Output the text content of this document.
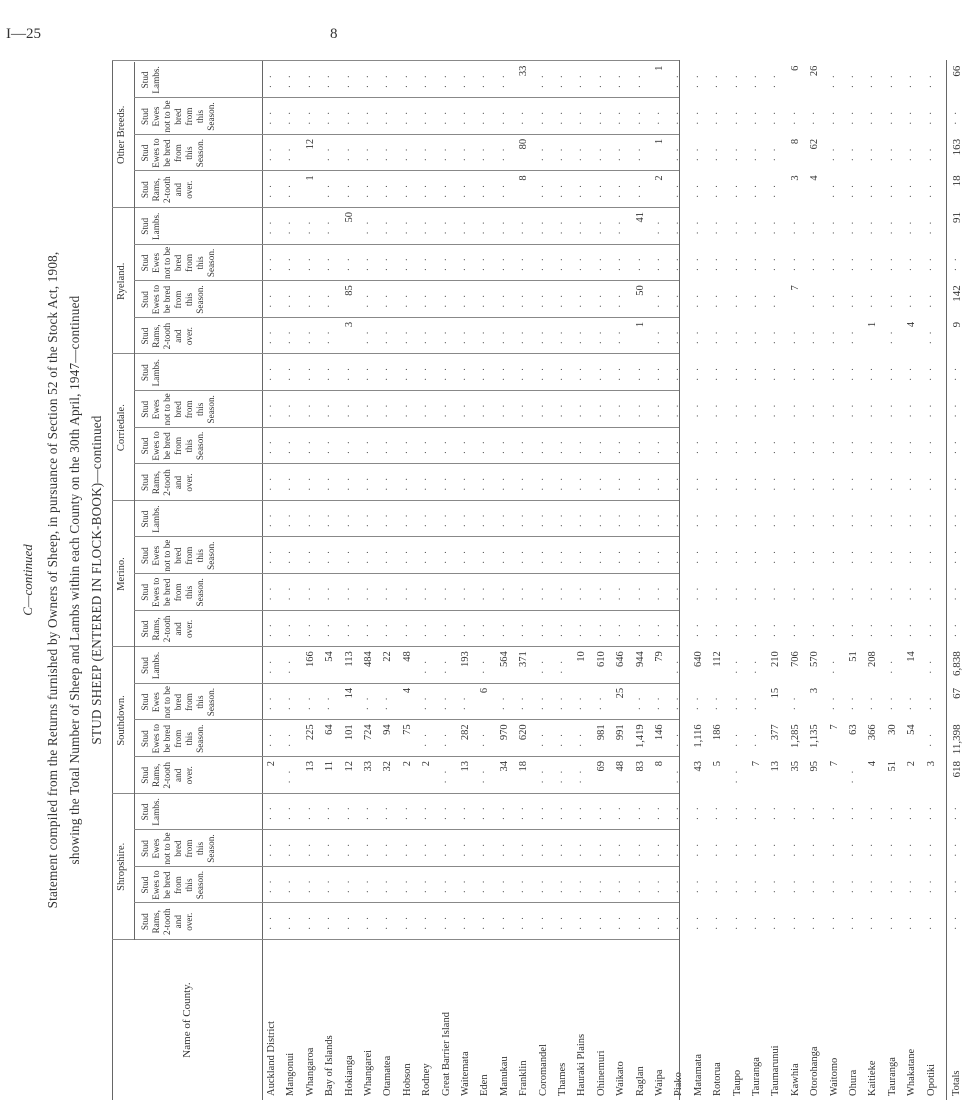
I—25	8
C—continued Statement compiled from the Returns furnished by Owners of Sheep, in pursuance of Section 52 of the Stock Act, 1908, showing the Total Number of Sheep and Lambs within each County on the 30th April, 1947—continued STUD SHEEP (ENTERED IN FLOCK-BOOK)—continued
Name of County.
Shropshire.
Stud Rams, 2-tooth and over.
Stud Ewes to be bred from this Season.
Stud Ewes not to be bred from this Season.
Stud Lambs.
Southdown.
Stud Rams, 2-tooth and over.
Stud Ewes to be bred from this Season.
Stud Ewes not to be bred from this Season.
Stud Lambs.
Merino.
Stud Rams, 2-tooth and over.
Stud Ewes to be bred from this Season.
Stud Ewes not to be bred from this Season.
Stud Lambs.
Corriedale.
Stud Rams, 2-tooth and over.
Stud Ewes to be bred from this Season.
Stud Ewes not to be bred from this Season.
Stud Lambs.
Ryeland.
Stud Rams, 2-tooth and over.
Stud Ewes to be bred from this Season.
Stud Ewes not to be bred from this Season.
Stud Lambs.
Other Breeds.
Stud Rams, 2-tooth and over.
Stud Ewes to be bred from this Season.
Stud Ewes not to be bred from this Season.
Stud Lambs.
Auckland District
· ·
· ·
· ·
· ·
2
· ·
· ·
· ·
· ·
· ·
· ·
· ·
· ·
· ·
· ·
· ·
· ·
· ·
· ·
· ·
· ·
· ·
· ·
· ·
Mangonui
· ·
· ·
· ·
· ·
· ·
· ·
· ·
· ·
· ·
· ·
· ·
· ·
· ·
· ·
· ·
· ·
· ·
· ·
· ·
· ·
· ·
· ·
· ·
· ·
Whangaroa
· ·
· ·
· ·
· ·
13
225
· ·
166
· ·
· ·
· ·
· ·
· ·
· ·
· ·
· ·
· ·
· ·
· ·
· ·
1
12
· ·
· ·
Bay of Islands
· ·
· ·
· ·
· ·
11
64
· ·
54
· ·
· ·
· ·
· ·
· ·
· ·
· ·
· ·
· ·
· ·
· ·
· ·
· ·
· ·
· ·
· ·
Hokianga
· ·
· ·
· ·
· ·
12
101
14
113
· ·
· ·
· ·
· ·
· ·
· ·
· ·
· ·
3
85
· ·
50
· ·
· ·
· ·
· ·
Whangarei
· ·
· ·
· ·
· ·
33
724
· ·
484
· ·
· ·
· ·
· ·
· ·
· ·
· ·
· ·
· ·
· ·
· ·
· ·
· ·
· ·
· ·
· ·
Otamatea
· ·
· ·
· ·
· ·
32
94
· ·
22
· ·
· ·
· ·
· ·
· ·
· ·
· ·
· ·
· ·
· ·
· ·
· ·
· ·
· ·
· ·
· ·
Hobson
· ·
· ·
· ·
· ·
2
75
4
48
· ·
· ·
· ·
· ·
· ·
· ·
· ·
· ·
· ·
· ·
· ·
· ·
· ·
· ·
· ·
· ·
Rodney
· ·
· ·
· ·
· ·
2
· ·
· ·
· ·
· ·
· ·
· ·
· ·
· ·
· ·
· ·
· ·
· ·
· ·
· ·
· ·
· ·
· ·
· ·
· ·
Great Barrier Island
· ·
· ·
· ·
· ·
· ·
· ·
· ·
· ·
· ·
· ·
· ·
· ·
· ·
· ·
· ·
· ·
· ·
· ·
· ·
· ·
· ·
· ·
· ·
· ·
Waitemata
· ·
· ·
· ·
· ·
13
282
· ·
193
· ·
· ·
· ·
· ·
· ·
· ·
· ·
· ·
· ·
· ·
· ·
· ·
· ·
· ·
· ·
· ·
Eden
· ·
· ·
· ·
· ·
· ·
· ·
6
· ·
· ·
· ·
· ·
· ·
· ·
· ·
· ·
· ·
· ·
· ·
· ·
· ·
· ·
· ·
· ·
· ·
Manukau
· ·
· ·
· ·
· ·
34
970
· ·
564
· ·
· ·
· ·
· ·
· ·
· ·
· ·
· ·
· ·
· ·
· ·
· ·
· ·
· ·
· ·
· ·
Franklin
· ·
· ·
· ·
· ·
18
620
· ·
371
· ·
· ·
· ·
· ·
· ·
· ·
· ·
· ·
· ·
· ·
· ·
· ·
8
80
· ·
33
Coromandel
· ·
· ·
· ·
· ·
· ·
· ·
· ·
· ·
· ·
· ·
· ·
· ·
· ·
· ·
· ·
· ·
· ·
· ·
· ·
· ·
· ·
· ·
· ·
· ·
Thames
· ·
· ·
· ·
· ·
· ·
· ·
· ·
· ·
· ·
· ·
· ·
· ·
· ·
· ·
· ·
· ·
· ·
· ·
· ·
· ·
· ·
· ·
· ·
· ·
Hauraki Plains
· ·
· ·
· ·
· ·
· ·
· ·
· ·
10
· ·
· ·
· ·
· ·
· ·
· ·
· ·
· ·
· ·
· ·
· ·
· ·
· ·
· ·
· ·
· ·
Ohinemuri
· ·
· ·
· ·
· ·
69
981
· ·
610
· ·
· ·
· ·
· ·
· ·
· ·
· ·
· ·
· ·
· ·
· ·
· ·
· ·
· ·
· ·
· ·
Waikato
· ·
· ·
· ·
· ·
48
991
25
646
· ·
· ·
· ·
· ·
· ·
· ·
· ·
· ·
· ·
· ·
· ·
· ·
· ·
· ·
· ·
· ·
Raglan
· ·
· ·
· ·
· ·
83
1,419
· ·
944
· ·
· ·
· ·
· ·
· ·
· ·
· ·
· ·
1
50
· ·
41
· ·
· ·
· ·
· ·
Waipa
· ·
· ·
· ·
· ·
8
146
· ·
79
· ·
· ·
· ·
· ·
· ·
· ·
· ·
· ·
· ·
· ·
· ·
· ·
2
1
· ·
1
Piako
· ·
· ·
· ·
· ·
· ·
· ·
· ·
· ·
· ·
· ·
· ·
· ·
· ·
· ·
· ·
· ·
· ·
· ·
· ·
· ·
· ·
· ·
· ·
· ·
Matamata
· ·
· ·
· ·
· ·
43
1,116
· ·
640
· ·
· ·
· ·
· ·
· ·
· ·
· ·
· ·
· ·
· ·
· ·
· ·
· ·
· ·
· ·
· ·
Rotorua
· ·
· ·
· ·
· ·
5
186
· ·
112
· ·
· ·
· ·
· ·
· ·
· ·
· ·
· ·
· ·
· ·
· ·
· ·
· ·
· ·
· ·
· ·
Taupo
· ·
· ·
· ·
· ·
· ·
· ·
· ·
· ·
· ·
· ·
· ·
· ·
· ·
· ·
· ·
· ·
· ·
· ·
· ·
· ·
· ·
· ·
· ·
· ·
Tauranga
· ·
· ·
· ·
· ·
7
· ·
· ·
· ·
· ·
· ·
· ·
· ·
· ·
· ·
· ·
· ·
· ·
· ·
· ·
· ·
· ·
· ·
· ·
· ·
Taumarunui
· ·
· ·
· ·
· ·
13
377
15
210
· ·
· ·
· ·
· ·
· ·
· ·
· ·
· ·
· ·
· ·
· ·
· ·
· ·
· ·
· ·
· ·
Kawhia
· ·
· ·
· ·
· ·
35
1,285
· ·
706
· ·
· ·
· ·
· ·
· ·
· ·
· ·
· ·
· ·
7
· ·
· ·
3
8
· ·
6
Otorohanga
· ·
· ·
· ·
· ·
95
1,135
3
570
· ·
· ·
· ·
· ·
· ·
· ·
· ·
· ·
· ·
· ·
· ·
· ·
4
62
· ·
26
Waitomo
· ·
· ·
· ·
· ·
7
7
· ·
· ·
· ·
· ·
· ·
· ·
· ·
· ·
· ·
· ·
· ·
· ·
· ·
· ·
· ·
· ·
· ·
· ·
Ohura
· ·
· ·
· ·
· ·
· ·
63
· ·
51
· ·
· ·
· ·
· ·
· ·
· ·
· ·
· ·
· ·
· ·
· ·
· ·
· ·
· ·
· ·
· ·
Kaitieke
· ·
· ·
· ·
· ·
4
366
· ·
208
· ·
· ·
· ·
· ·
· ·
· ·
· ·
· ·
1
· ·
· ·
· ·
· ·
· ·
· ·
· ·
Tauranga
· ·
· ·
· ·
· ·
51
30
· ·
· ·
· ·
· ·
· ·
· ·
· ·
· ·
· ·
· ·
· ·
· ·
· ·
· ·
· ·
· ·
· ·
· ·
Whakatane
· ·
· ·
· ·
· ·
2
54
· ·
14
· ·
· ·
· ·
· ·
· ·
· ·
· ·
· ·
4
· ·
· ·
· ·
· ·
· ·
· ·
· ·
Opotiki
· ·
· ·
· ·
· ·
3
· ·
· ·
· ·
· ·
· ·
· ·
· ·
· ·
· ·
· ·
· ·
· ·
· ·
· ·
· ·
· ·
· ·
· ·
· ·
Totals
· ·
· ·
· ·
· ·
618
11,398
67
6,838
· ·
· ·
· ·
· ·
· ·
· ·
· ·
· ·
9
142
· ·
91
18
163
· ·
66
